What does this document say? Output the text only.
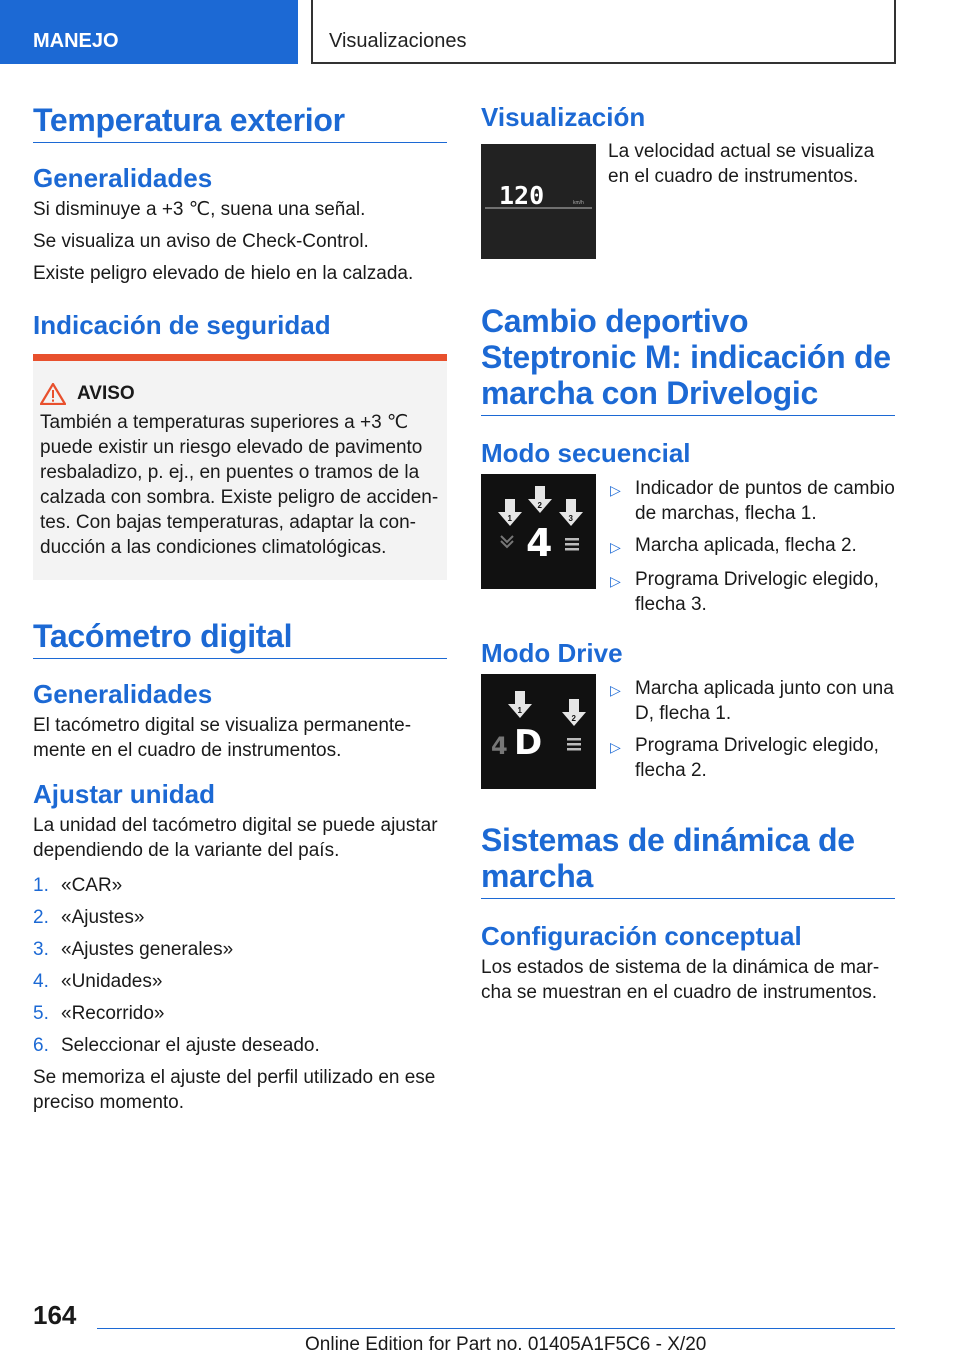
MANEJO	Visualizaciones
Temperatura exterior
Generalidades

Si disminuye a +3 ℃, suena una señal.

Se visualiza un aviso de Check-Control.

Existe peligro elevado de hielo en la calzada.

Indicación de seguridad
AVISO

También a temperaturas superiores a +3 ℃ puede existir un riesgo elevado de pavimento resbaladizo, p. ej., en puentes o tramos de la calzada con sombra. Existe peligro de accidentes. Con bajas temperaturas, adaptar la conducción a las condiciones climatológicas.

Tacómetro digital
Generalidades

El tacómetro digital se visualiza permanentemente en el cuadro de instrumentos.

Ajustar unidad

La unidad del tacómetro digital se puede ajustar dependiendo de la variante del país.

1. «CAR»
2. «Ajustes»
3. «Ajustes generales»
4. «Unidades»
5. «Recorrido»
6. Seleccionar el ajuste deseado.

Se memoriza el ajuste del perfil utilizado en ese preciso momento.

Visualización
120	km/h

La velocidad actual se visualiza en el cuadro de instrumentos.

Cambio deportivo Steptronic M: indicación de marcha con Drivelogic
Modo secuencial
1
2
3
4
▷ Indicador de puntos de cambio de marchas, flecha 1.
▷ Marcha aplicada, flecha 2.
▷ Programa Drivelogic elegido, flecha 3.
Modo Drive
1
2
4 D
▷ Marcha aplicada junto con una D, flecha 1.
▷ Programa Drivelogic elegido, flecha 2.
Sistemas de dinámica de marcha
Configuración conceptual

Los estados de sistema de la dinámica de marcha se muestran en el cuadro de instrumentos.

164
Online Edition for Part no. 01405A1F5C6 - X/20
